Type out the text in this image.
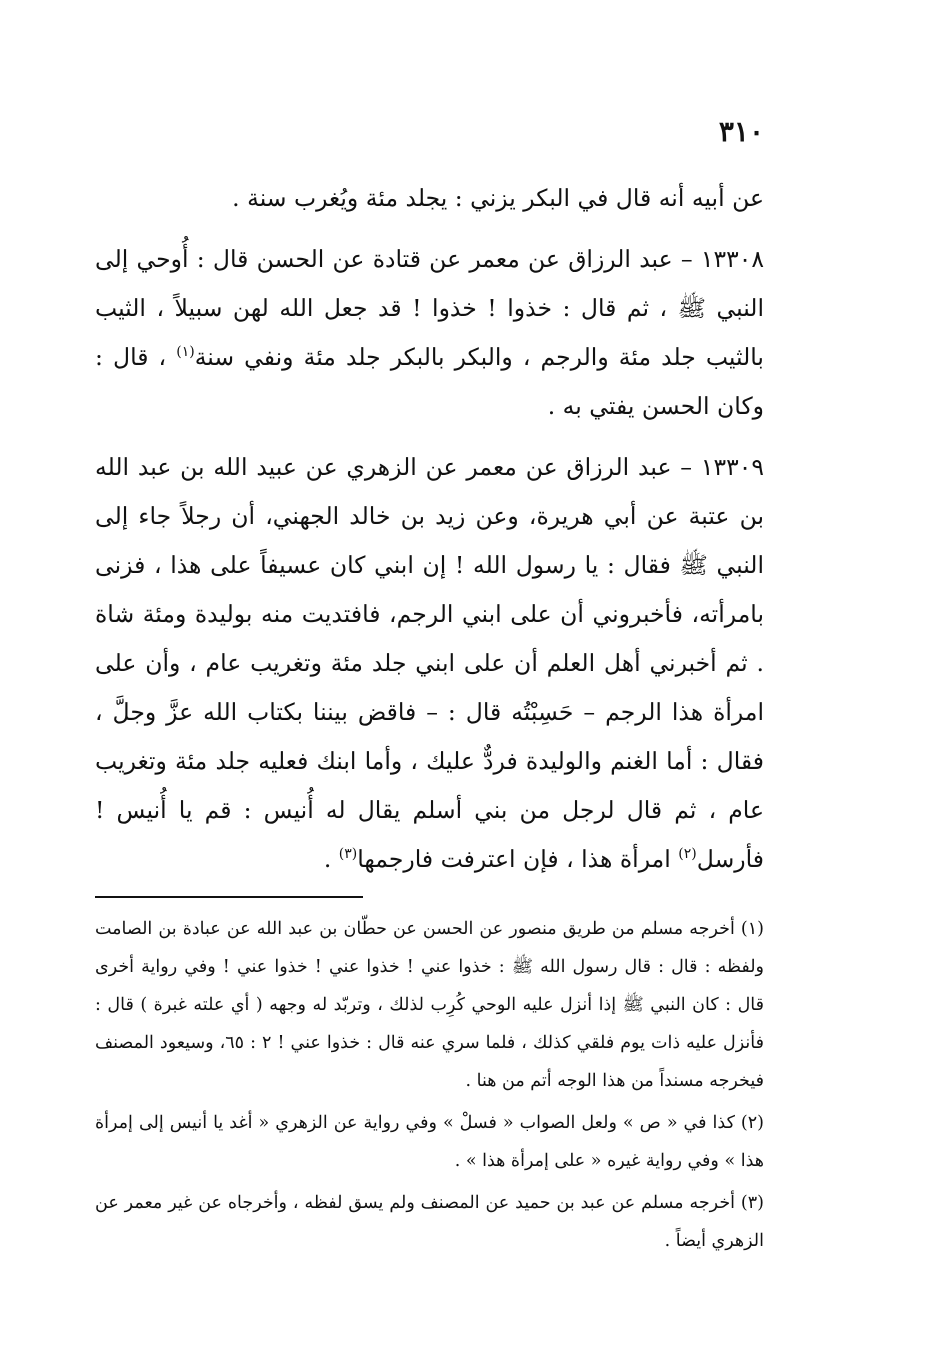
٣١٠

عن أبيه أنه قال في البكر يزني : يجلد مئة ويُغرب سنة .

١٣٣٠٨ – عبد الرزاق عن معمر عن قتادة عن الحسن قال : أُوحي إلى النبي ﷺ ، ثم قال : خذوا ! خذوا ! قد جعل الله لهن سبيلاً ، الثيب بالثيب جلد مئة والرجم ، والبكر بالبكر جلد مئة ونفي سنة$^{(١)}$ ، قال : وكان الحسن يفتي به .

١٣٣٠٩ – عبد الرزاق عن معمر عن الزهري عن عبيد الله بن عبد الله بن عتبة عن أبي هريرة، وعن زيد بن خالد الجهني، أن رجلاً جاء إلى النبي ﷺ فقال : يا رسول الله ! إن ابني كان عسيفاً على هذا ، فزنى بامرأته، فأخبروني أن على ابني الرجم، فافتديت منه بوليدة ومئة شاة . ثم أخبرني أهل العلم أن على ابني جلد مئة وتغريب عام ، وأن على امرأة هذا الرجم – حَسِبْتُه قال : – فاقض بيننا بكتاب الله عزَّ وجلَّ ، فقال : أما الغنم والوليدة فردٌّ عليك ، وأما ابنك فعليه جلد مئة وتغريب عام ، ثم قال لرجل من بني أسلم يقال له أُنيس : قم يا أُنيس ! فأرسل$^{(٢)}$ امرأة هذا ، فإن اعترفت فارجمها$^{(٣)}$ .

(١) أخرجه مسلم من طريق منصور عن الحسن عن حطّان بن عبد الله عن عبادة بن الصامت ولفظه : قال : قال رسول الله ﷺ : خذوا عني ! خذوا عني ! خذوا عني ! وفي رواية أخرى قال : كان النبي ﷺ إذا أنزل عليه الوحي كُرِب لذلك ، وتربّد له وجهه ( أي علته غبرة ) قال : فأنزل عليه ذات يوم فلقي كذلك ، فلما سري عنه قال : خذوا عني ! ٢ : ٦٥، وسيعود المصنف فيخرجه مسنداً من هذا الوجه أتم من هنا .

(٢) كذا في « ص » ولعل الصواب « فسلْ » وفي رواية عن الزهري « أغد يا أنيس إلى إمرأة هذا » وفي رواية غيره « على إمرأة هذا » .

(٣) أخرجه مسلم عن عبد بن حميد عن المصنف ولم يسق لفظه ، وأخرجاه عن غير معمر عن الزهري أيضاً .
